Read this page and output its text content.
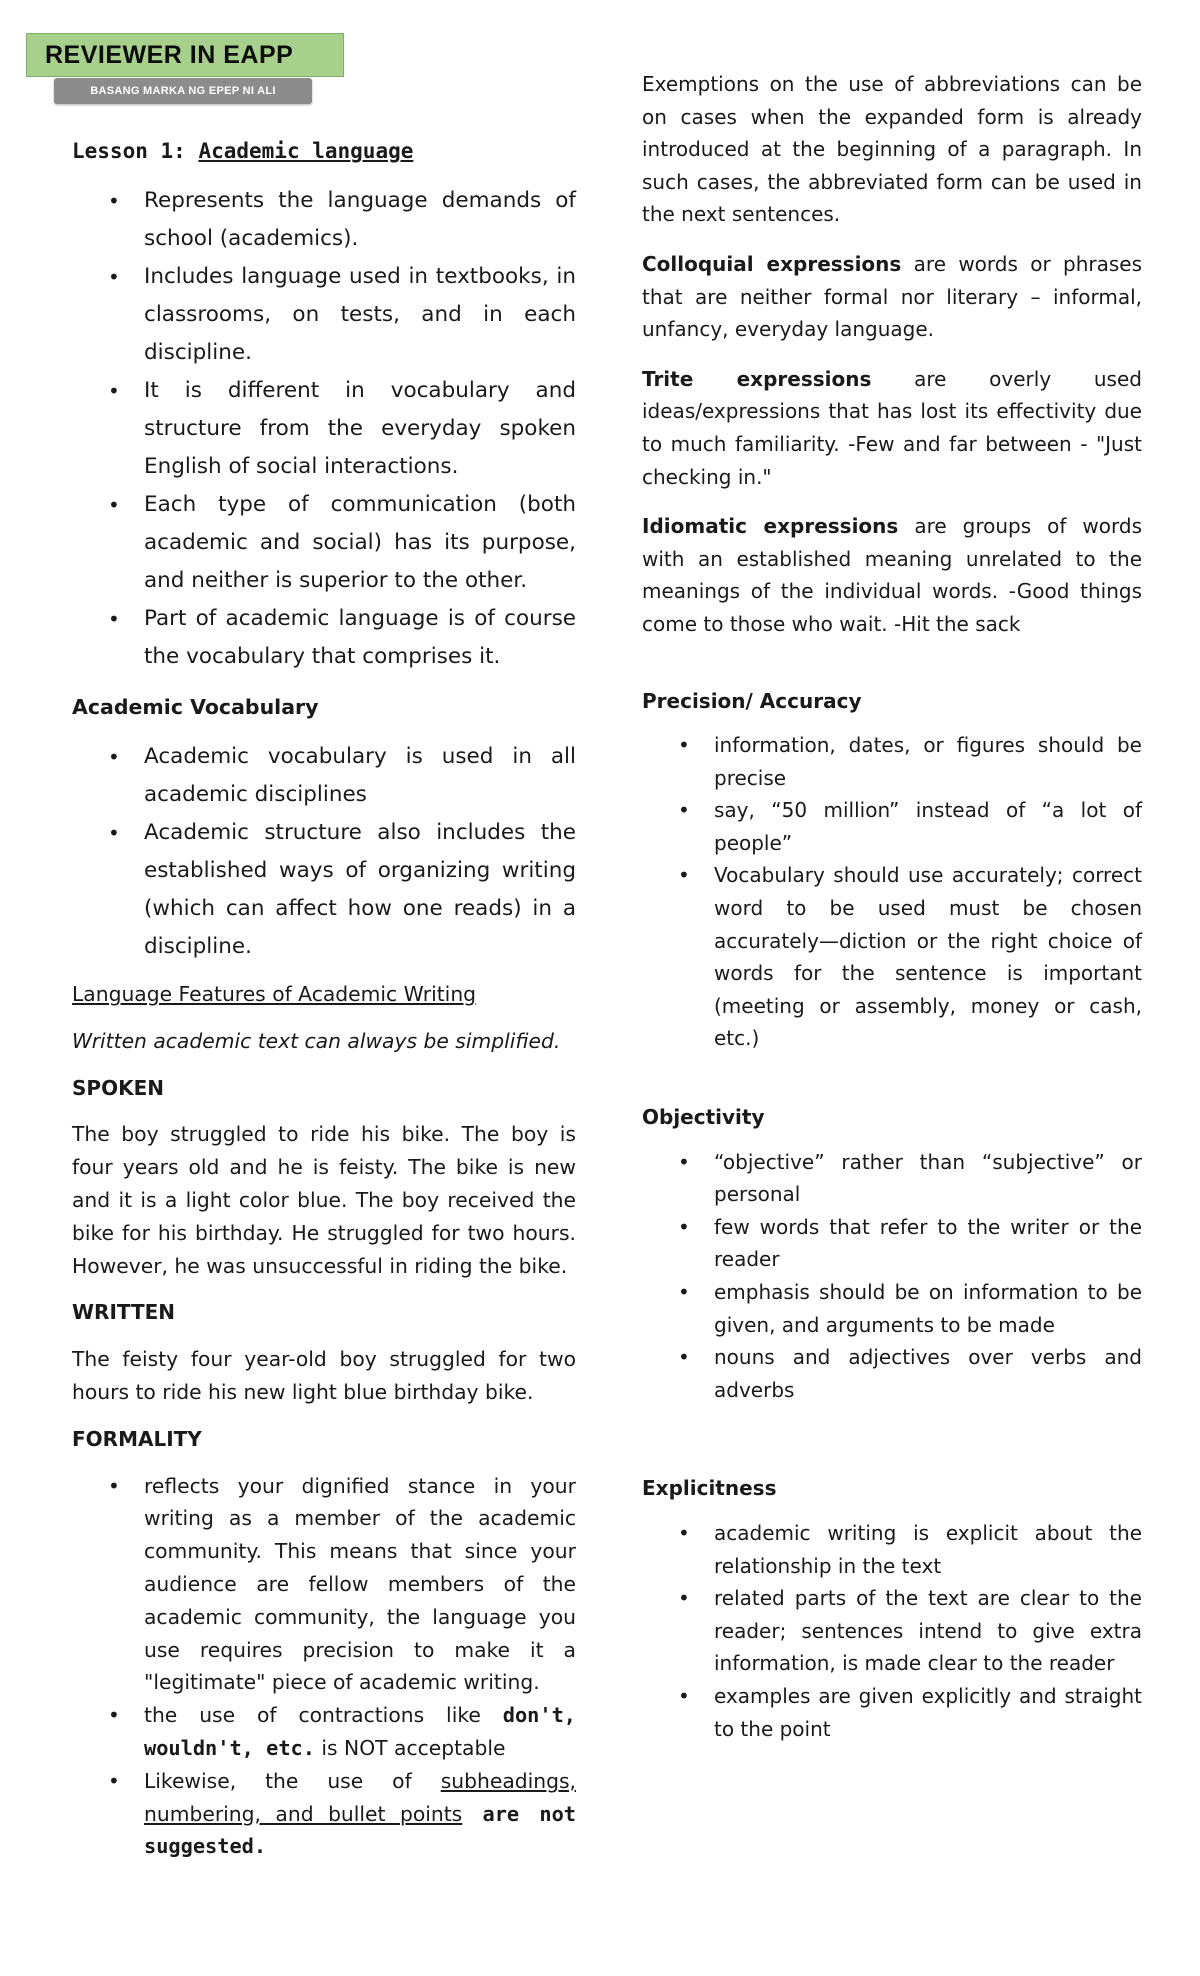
REVIEWER IN EAPP
BASANG MARKA NG EPEP NI ALI
Lesson 1: Academic language
• Represents the language demands of school (academics).
• Includes language used in textbooks, in classrooms, on tests, and in each discipline.
• It is different in vocabulary and structure from the everyday spoken English of social interactions.
• Each type of communication (both academic and social) has its purpose, and neither is superior to the other.
• Part of academic language is of course the vocabulary that comprises it.
Academic Vocabulary
• Academic vocabulary is used in all academic disciplines
• Academic structure also includes the established ways of organizing writing (which can affect how one reads) in a discipline.

Language Features of Academic Writing

Written academic text can always be simplified.

SPOKEN

The boy struggled to ride his bike. The boy is four years old and he is feisty. The bike is new and it is a light color blue. The boy received the bike for his birthday. He struggled for two hours. However, he was unsuccessful in riding the bike.

WRITTEN

The feisty four year-old boy struggled for two hours to ride his new light blue birthday bike.

FORMALITY

• reflects your dignified stance in your writing as a member of the academic community. This means that since your audience are fellow members of the academic community, the language you use requires precision to make it a "legitimate" piece of academic writing.
• the use of contractions like don't, wouldn't, etc. is NOT acceptable
• Likewise, the use of subheadings, numbering, and bullet points are not suggested.

Exemptions on the use of abbreviations can be on cases when the expanded form is already introduced at the beginning of a paragraph. In such cases, the abbreviated form can be used in the next sentences.

Colloquial expressions are words or phrases that are neither formal nor literary – informal, unfancy, everyday language.

Trite expressions are overly used ideas/expressions that has lost its effectivity due to much familiarity. -Few and far between - "Just checking in."

Idiomatic expressions are groups of words with an established meaning unrelated to the meanings of the individual words. -Good things come to those who wait. -Hit the sack

Precision/ Accuracy
• information, dates, or figures should be precise
• say, “50 million” instead of “a lot of people”
• Vocabulary should use accurately; correct word to be used must be chosen accurately—diction or the right choice of words for the sentence is important (meeting or assembly, money or cash, etc.)
Objectivity
• “objective” rather than “subjective” or personal
• few words that refer to the writer or the reader
• emphasis should be on information to be given, and arguments to be made
• nouns and adjectives over verbs and adverbs
Explicitness
• academic writing is explicit about the relationship in the text
• related parts of the text are clear to the reader; sentences intend to give extra information, is made clear to the reader
• examples are given explicitly and straight to the point
